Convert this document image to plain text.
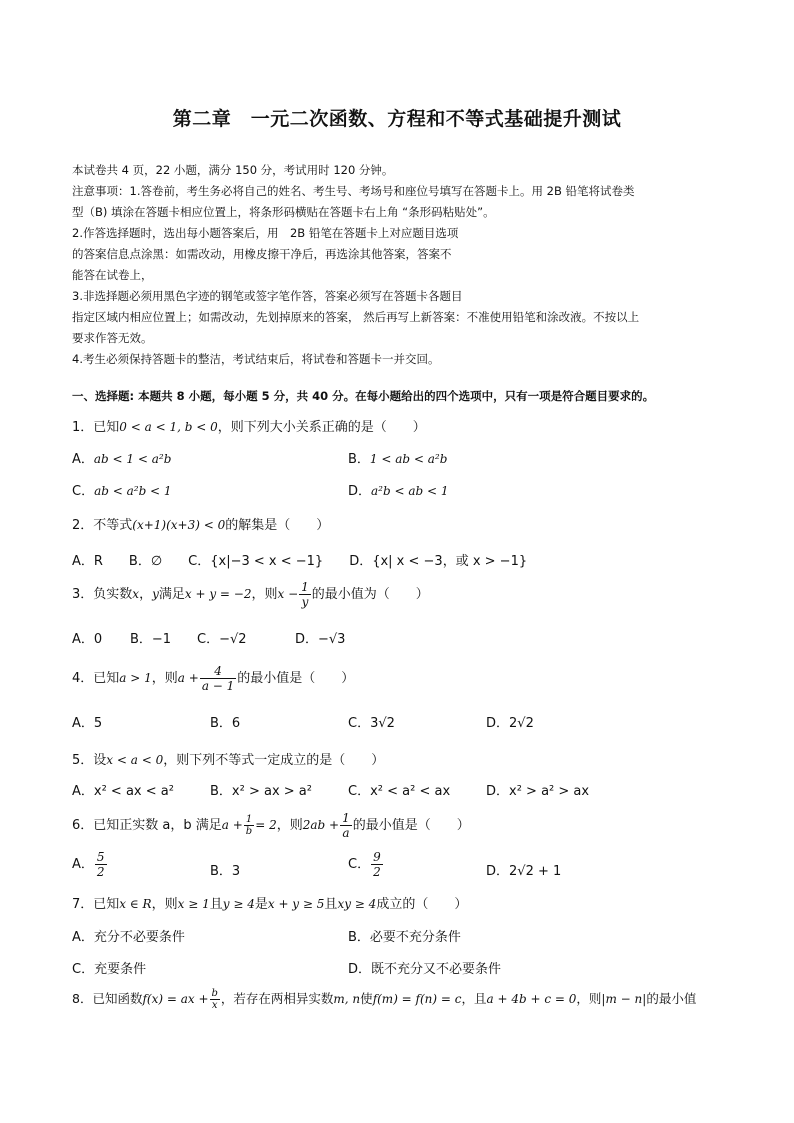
第二章　一元二次函数、方程和不等式基础提升测试
本试卷共 4 页，22 小题，满分 150 分，考试用时 120 分钟。
注意事项：1.答卷前，考生务必将自己的姓名、考生号、考场号和座位号填写在答题卡上。用 2B 铅笔将试卷类
型（B) 填涂在答题卡相应位置上，将条形码横贴在答题卡右上角 “条形码粘贴处”。
2.作答选择题时，选出每小题答案后，用　2B 铅笔在答题卡上对应题目选项
的答案信息点涂黑：如需改动，用橡皮擦干净后，再选涂其他答案，答案不
能答在试卷上，
3.非选择题必须用黑色字迹的钢笔或签字笔作答，答案必须写在答题卡各题目
指定区域内相应位置上；如需改动，先划掉原来的答案， 然后再写上新答案：不准使用铅笔和涂改液。不按以上
要求作答无效。
4.考生必须保持答题卡的整洁，考试结束后，将试卷和答题卡一并交回。
一、选择题: 本题共 8 小题，每小题 5 分，共 40 分。在每小题给出的四个选项中，只有一项是符合题目要求的。
1．已知0 < a < 1, b < 0，则下列大小关系正确的是（　　）
A．ab < 1 < a²b	B．1 < ab < a²b
C．ab < a²b < 1	D．a²b < ab < 1
2．不等式(x+1)(x+3) < 0的解集是（　　）
A．R　　B．∅　　C．{x|−3 < x < −1}　　D．{x| x < −3，或 x > −1}
3．负实数x，y满足x + y = −2，则$x - \frac{1}{y}$ 的最小值为（　　）
A．0 B．−1 C．−√2	D．−√3
4．已知a > 1，则$a + \frac{4}{a - 1}$ 的最小值是（　　）
A．5	B．6	C．3√2	D．2√2
5．设x < a < 0，则下列不等式一定成立的是（　　）
A．x² < ax < a²	B．x² > ax > a²	C．x² < a² < ax	D．x² > a² > ax
6．已知正实数 a，b 满足$a + \frac{1}{b} = 2$，则$2ab + \frac{1}{a}$ 的最小值是（　　）
A． $\frac{5}{2}$	B．3	C． $\frac{9}{2}$	D．2√2 + 1
7．已知x ∈ R，则x ≥ 1且y ≥ 4是x + y ≥ 5且xy ≥ 4成立的（　　）
A．充分不必要条件	B．必要不充分条件
C．充要条件	D．既不充分又不必要条件
8．已知函数f(x) = ax + $\frac{b}{x}$ ，若存在两相异实数m, n使f(m) = f(n) = c，且a + 4b + c = 0，则|m − n|的最小值
